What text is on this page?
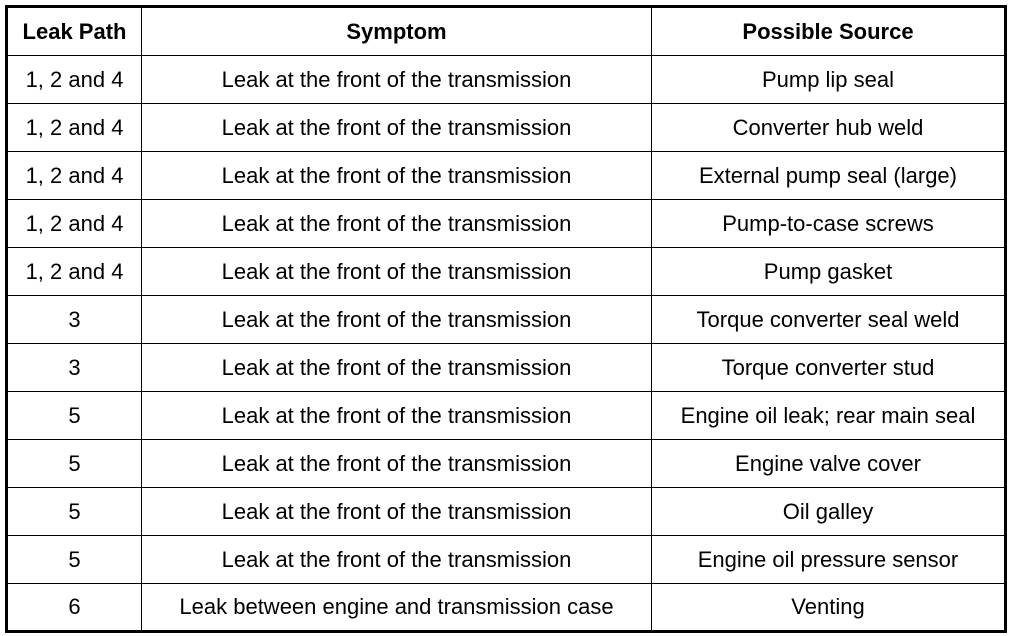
Leak Path	Symptom	Possible Source
1, 2 and 4	Leak at the front of the transmission	Pump lip seal
1, 2 and 4	Leak at the front of the transmission	Converter hub weld
1, 2 and 4	Leak at the front of the transmission	External pump seal (large)
1, 2 and 4	Leak at the front of the transmission	Pump-to-case screws
1, 2 and 4	Leak at the front of the transmission	Pump gasket
3	Leak at the front of the transmission	Torque converter seal weld
3	Leak at the front of the transmission	Torque converter stud
5	Leak at the front of the transmission	Engine oil leak; rear main seal
5	Leak at the front of the transmission	Engine valve cover
5	Leak at the front of the transmission	Oil galley
5	Leak at the front of the transmission	Engine oil pressure sensor
6	Leak between engine and transmission case	Venting
